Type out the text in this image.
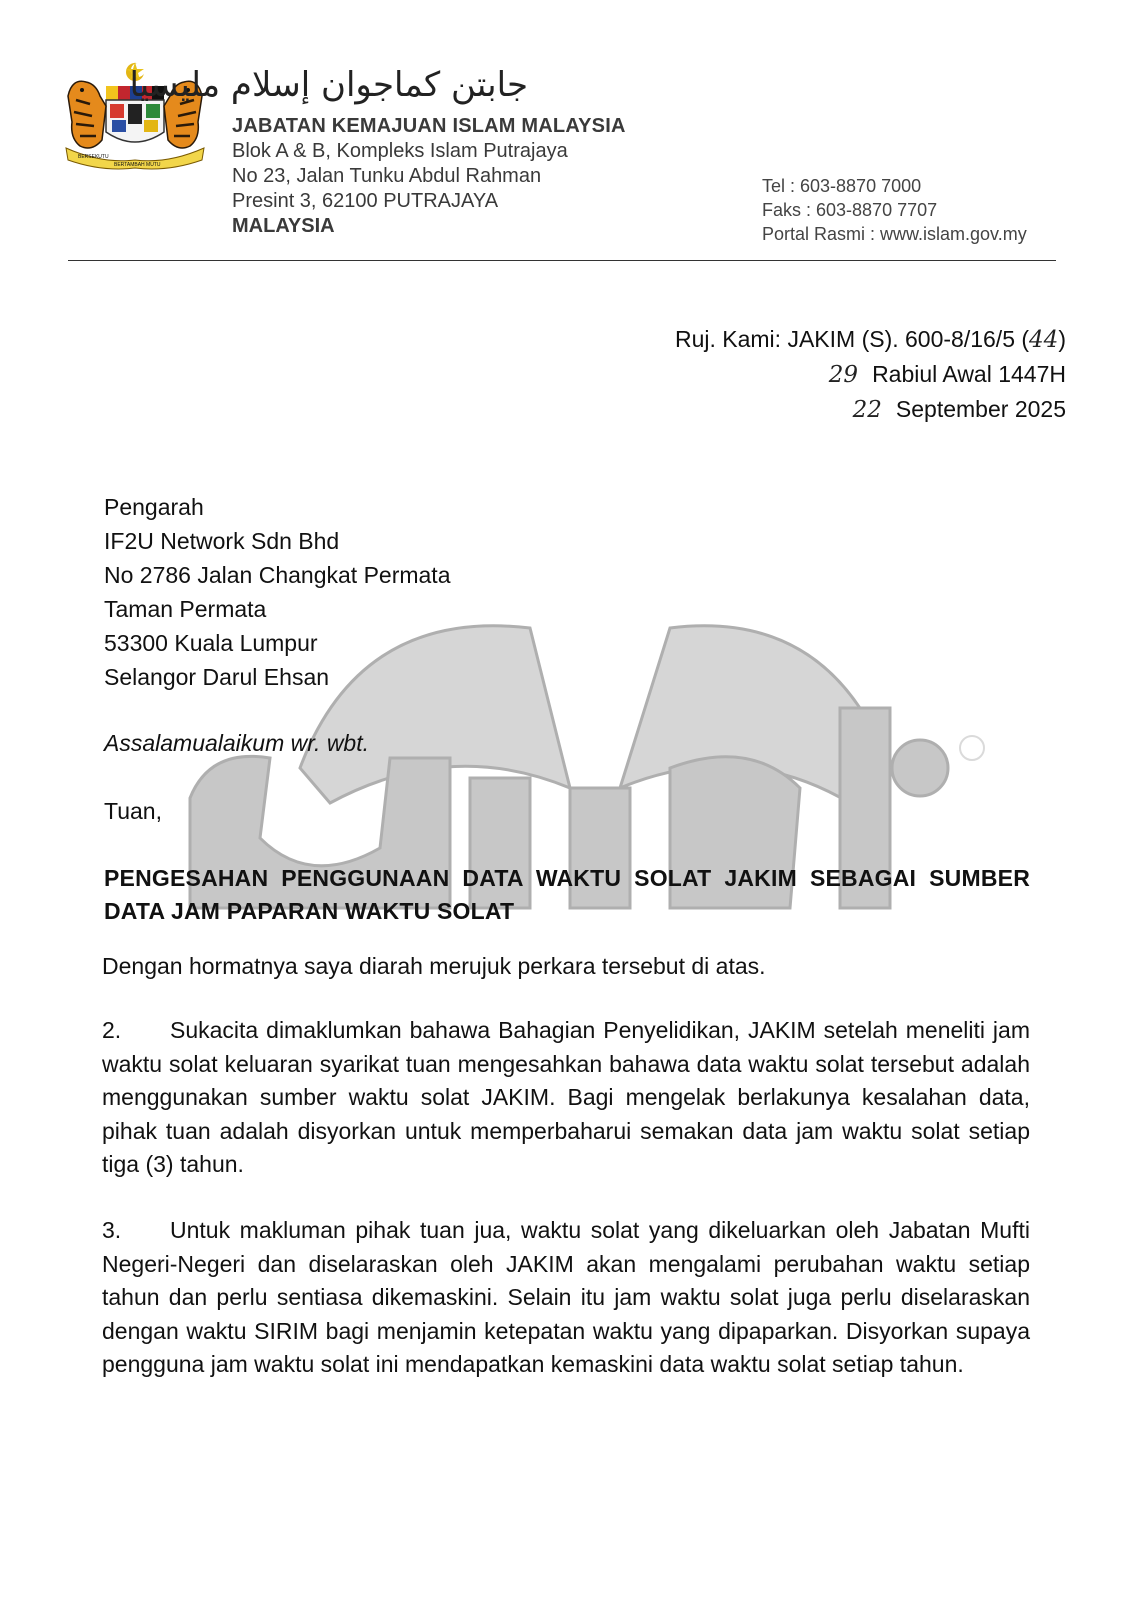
BERSEKUTU
BERTAMBAH MUTU
جابتن كماجوان إسلام مليسيا
JABATAN KEMAJUAN ISLAM MALAYSIA
Blok A & B, Kompleks Islam Putrajaya
No 23, Jalan Tunku Abdul Rahman
Presint 3, 62100 PUTRAJAYA
MALAYSIA
Tel : 603-8870 7000
Faks : 603-8870 7707
Portal Rasmi : www.islam.gov.my
Ruj. Kami: JAKIM (S). 600-8/16/5 (44)
29 Rabiul Awal 1447H
22 September 2025
Pengarah
IF2U Network Sdn Bhd
No 2786 Jalan Changkat Permata
Taman Permata
53300 Kuala Lumpur
Selangor Darul Ehsan
Assalamualaikum wr. wbt.
Tuan,
PENGESAHAN PENGGUNAAN DATA WAKTU SOLAT JAKIM SEBAGAI SUMBER DATA JAM PAPARAN WAKTU SOLAT
Dengan hormatnya saya diarah merujuk perkara tersebut di atas.
2. Sukacita dimaklumkan bahawa Bahagian Penyelidikan, JAKIM setelah meneliti jam waktu solat keluaran syarikat tuan mengesahkan bahawa data waktu solat tersebut adalah menggunakan sumber waktu solat JAKIM. Bagi mengelak berlakunya kesalahan data, pihak tuan adalah disyorkan untuk memperbaharui semakan data jam waktu solat setiap tiga (3) tahun.
3. Untuk makluman pihak tuan jua, waktu solat yang dikeluarkan oleh Jabatan Mufti Negeri-Negeri dan diselaraskan oleh JAKIM akan mengalami perubahan waktu setiap tahun dan perlu sentiasa dikemaskini. Selain itu jam waktu solat juga perlu diselaraskan dengan waktu SIRIM bagi menjamin ketepatan waktu yang dipaparkan. Disyorkan supaya pengguna jam waktu solat ini mendapatkan kemaskini data waktu solat setiap tahun.
